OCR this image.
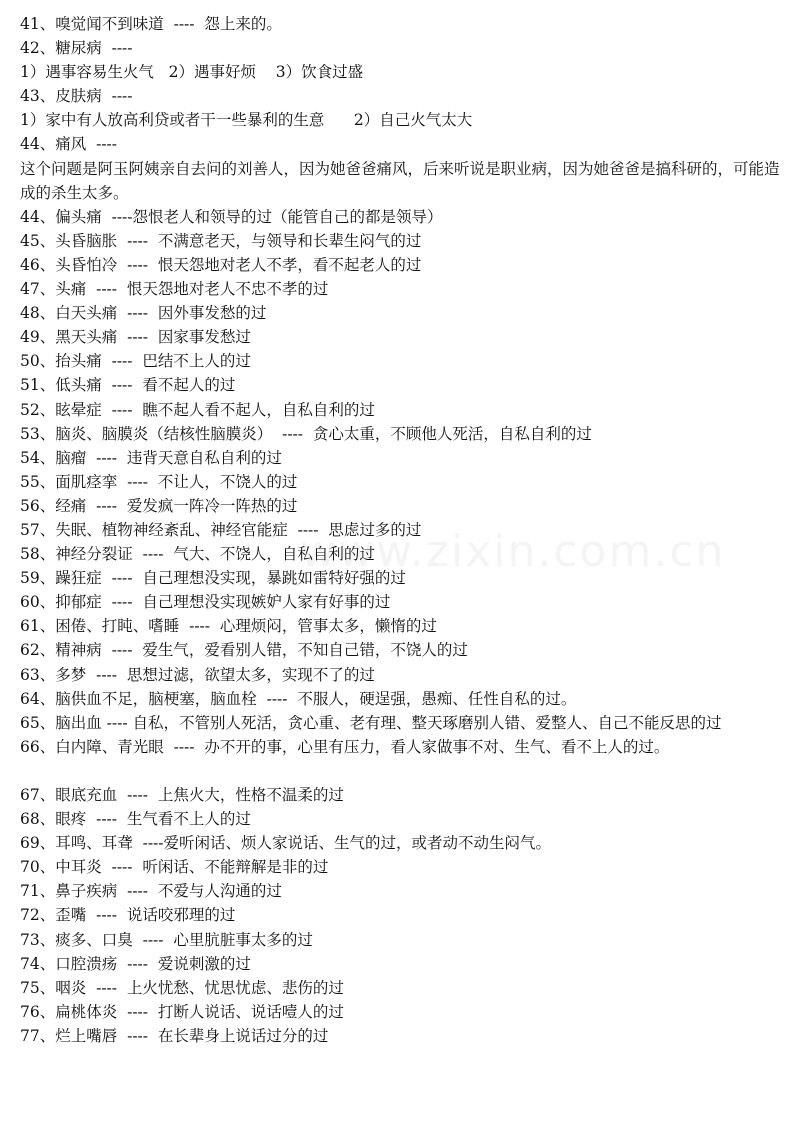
www.zixin.com.cn
41、嗅觉闻不到味道  ----  怨上来的。
42、糖尿病  ----
1）遇事容易生火气   2）遇事好烦    3）饮食过盛
43、皮肤病  ----
1）家中有人放高利贷或者干一些暴利的生意      2）自己火气太大
44、痛风  ----
这个问题是阿玉阿姨亲自去问的刘善人，因为她爸爸痛风，后来听说是职业病，因为她爸爸是搞科研的，可能造成的杀生太多。
44、偏头痛  ----怨恨老人和领导的过（能管自己的都是领导）
45、头昏脑胀  ----  不满意老天，与领导和长辈生闷气的过
46、头昏怕冷  ----  恨天怨地对老人不孝，看不起老人的过
47、头痛  ----  恨天怨地对老人不忠不孝的过
48、白天头痛  ----  因外事发愁的过
49、黑天头痛  ----  因家事发愁过
50、抬头痛  ----  巴结不上人的过
51、低头痛  ----  看不起人的过
52、眩晕症  ----  瞧不起人看不起人，自私自利的过
53、脑炎、脑膜炎（结核性脑膜炎）  ----  贪心太重，不顾他人死活，自私自利的过
54、脑瘤  ----  违背天意自私自利的过
55、面肌痉挛  ----  不让人，不饶人的过
56、经痛  ----  爱发疯一阵冷一阵热的过
57、失眠、植物神经紊乱、神经官能症  ----  思虑过多的过
58、神经分裂证  ----  气大、不饶人，自私自利的过
59、躁狂症  ----  自己理想没实现，暴跳如雷特好强的过
60、抑郁症  ----  自己理想没实现嫉妒人家有好事的过
61、困倦、打盹、嗜睡  ----  心理烦闷，管事太多，懒惰的过
62、精神病  ----  爱生气，爱看别人错，不知自己错，不饶人的过
63、多梦  ----  思想过滤，欲望太多，实现不了的过
64、脑供血不足，脑梗塞，脑血栓  ----  不服人，硬逞强，愚痴、任性自私的过。
65、脑出血 ---- 自私，不管别人死活，贪心重、老有理、整天琢磨别人错、爱整人、自己不能反思的过
66、白内障、青光眼  ----  办不开的事，心里有压力，看人家做事不对、生气、看不上人的过。
67、眼底充血  ----  上焦火大，性格不温柔的过
68、眼疼  ----  生气看不上人的过
69、耳鸣、耳聋  ----爱听闲话、烦人家说话、生气的过，或者动不动生闷气。
70、中耳炎  ----  听闲话、不能辩解是非的过
71、鼻子疾病  ----  不爱与人沟通的过
72、歪嘴  ----  说话咬邪理的过
73、痰多、口臭  ----  心里肮脏事太多的过
74、口腔溃疡  ----  爱说刺激的过
75、咽炎  ----  上火忧愁、忧思忧虑、悲伤的过
76、扁桃体炎  ----  打断人说话、说话噎人的过
77、烂上嘴唇  ----  在长辈身上说话过分的过
